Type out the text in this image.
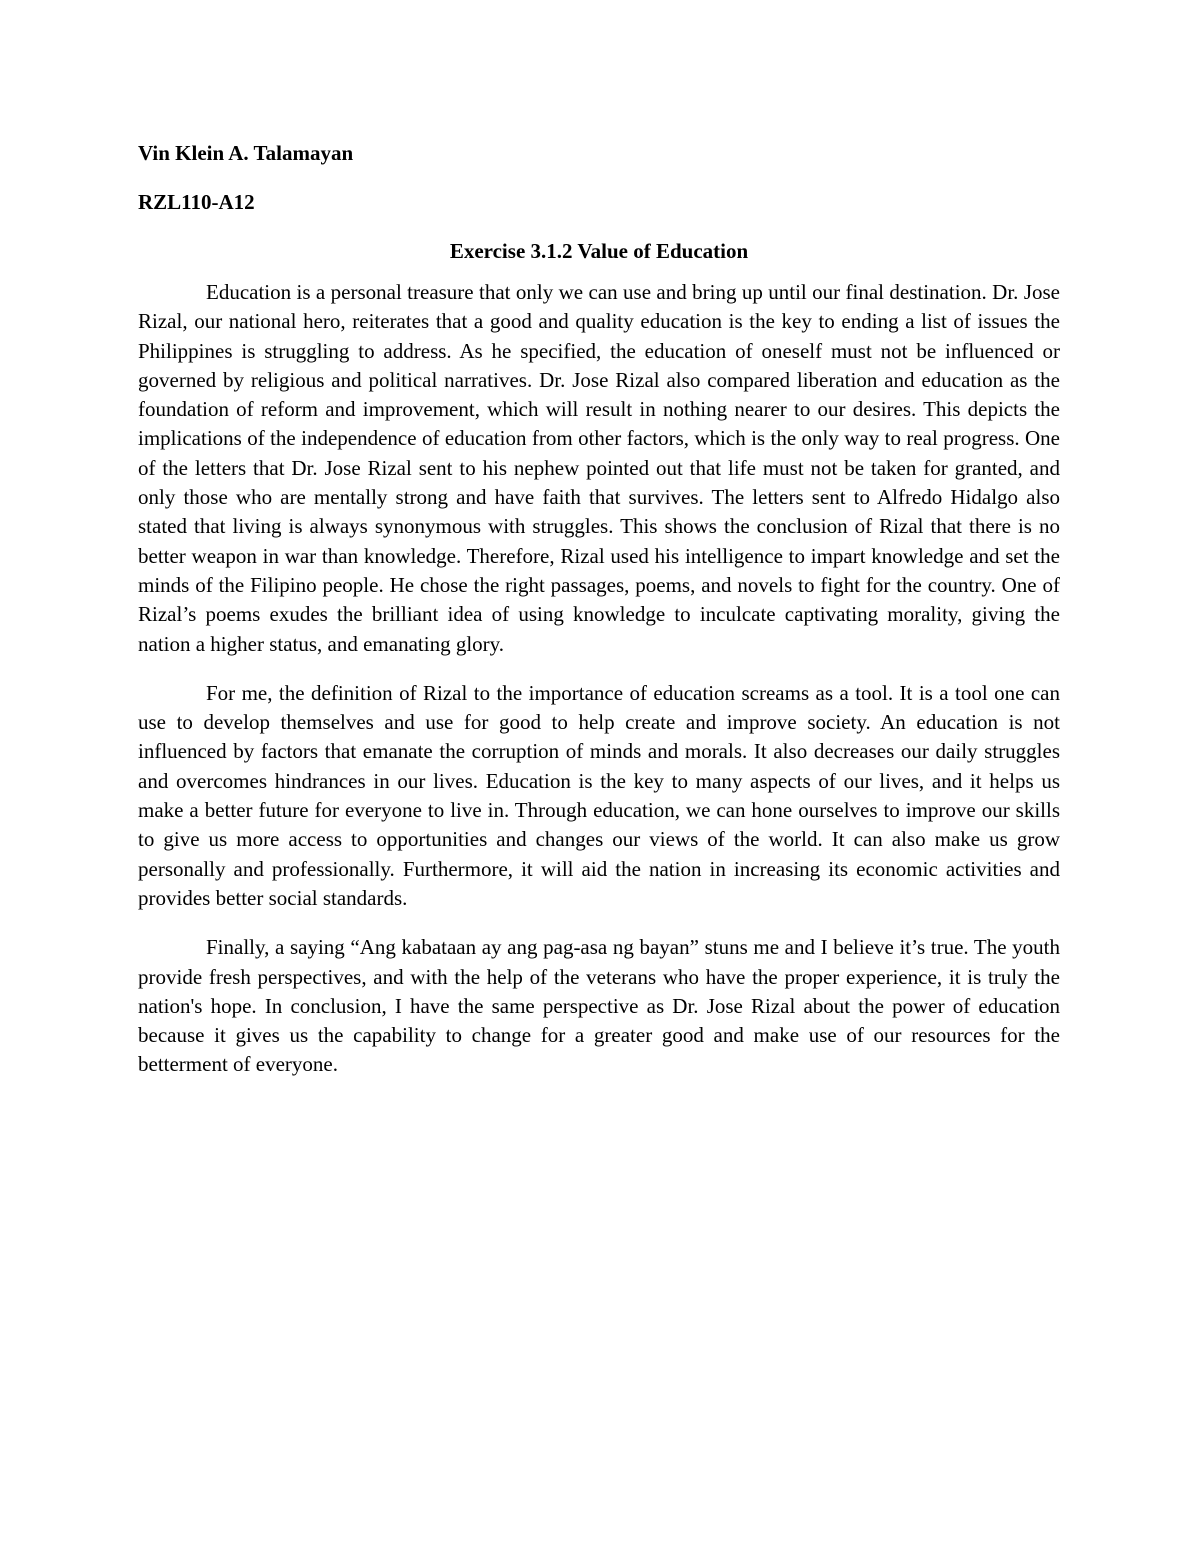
Vin Klein A. Talamayan
RZL110-A12
Exercise 3.1.2 Value of Education

Education is a personal treasure that only we can use and bring up until our final destination. Dr. Jose Rizal, our national hero, reiterates that a good and quality education is the key to ending a list of issues the Philippines is struggling to address. As he specified, the education of oneself must not be influenced or governed by religious and political narratives. Dr. Jose Rizal also compared liberation and education as the foundation of reform and improvement, which will result in nothing nearer to our desires. This depicts the implications of the independence of education from other factors, which is the only way to real progress. One of the letters that Dr. Jose Rizal sent to his nephew pointed out that life must not be taken for granted, and only those who are mentally strong and have faith that survives. The letters sent to Alfredo Hidalgo also stated that living is always synonymous with struggles. This shows the conclusion of Rizal that there is no better weapon in war than knowledge. Therefore, Rizal used his intelligence to impart knowledge and set the minds of the Filipino people. He chose the right passages, poems, and novels to fight for the country. One of Rizal’s poems exudes the brilliant idea of using knowledge to inculcate captivating morality, giving the nation a higher status, and emanating glory.

For me, the definition of Rizal to the importance of education screams as a tool. It is a tool one can use to develop themselves and use for good to help create and improve society. An education is not influenced by factors that emanate the corruption of minds and morals. It also decreases our daily struggles and overcomes hindrances in our lives. Education is the key to many aspects of our lives, and it helps us make a better future for everyone to live in. Through education, we can hone ourselves to improve our skills to give us more access to opportunities and changes our views of the world. It can also make us grow personally and professionally. Furthermore, it will aid the nation in increasing its economic activities and provides better social standards.

Finally, a saying “Ang kabataan ay ang pag-asa ng bayan” stuns me and I believe it’s true. The youth provide fresh perspectives, and with the help of the veterans who have the proper experience, it is truly the nation's hope. In conclusion, I have the same perspective as Dr. Jose Rizal about the power of education because it gives us the capability to change for a greater good and make use of our resources for the betterment of everyone.
